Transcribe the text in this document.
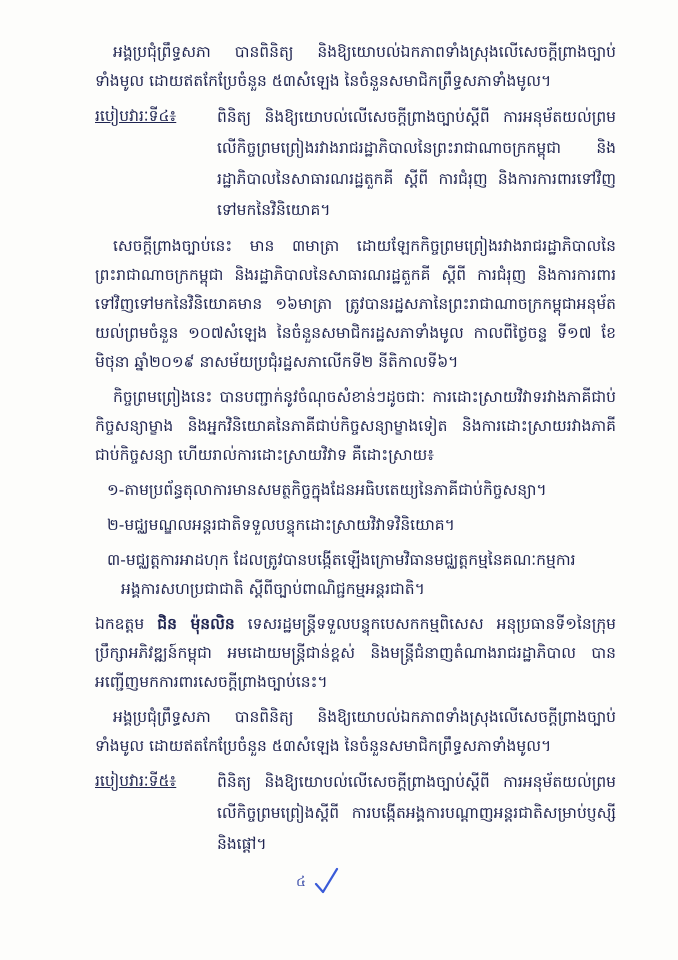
អង្គប្រជុំព្រឹទ្ធសភា បានពិនិត្យ និងឱ្យយោបល់ឯកភាពទាំងស្រុងលើសេចក្តីព្រាងច្បាប់ទាំងមូល ដោយឥតកែប្រែចំនួន ៥៣សំឡេង នៃចំនួនសមាជិកព្រឹទ្ធសភាទាំងមូល។

របៀបវារៈទី៤៖	ពិនិត្យ និងឱ្យយោបល់លើសេចក្តីព្រាងច្បាប់ស្តីពី ការអនុម័តយល់ព្រមលើកិច្ចព្រមព្រៀងរវាងរាជរដ្ឋាភិបាលនៃព្រះរាជាណាចក្រកម្ពុជា និងរដ្ឋាភិបាលនៃសាធារណរដ្ឋតួកគី ស្តីពី ការជំរុញ និងការការពារទៅវិញទៅមកនៃវិនិយោគ។

សេចក្តីព្រាងច្បាប់នេះ មាន ៣មាត្រា ដោយឡែកកិច្ចព្រមព្រៀងរវាងរាជរដ្ឋាភិបាលនៃព្រះរាជាណាចក្រកម្ពុជា និងរដ្ឋាភិបាលនៃសាធារណរដ្ឋតួកគី ស្តីពី ការជំរុញ និងការការពារទៅវិញទៅមកនៃវិនិយោគមាន ១៦មាត្រា ត្រូវបានរដ្ឋសភានៃព្រះរាជាណាចក្រកម្ពុជាអនុម័តយល់ព្រមចំនួន ១០៧សំឡេង នៃចំនួនសមាជិករដ្ឋសភាទាំងមូល កាលពីថ្ងៃចន្ទ ទី១៧ ខែមិថុនា ឆ្នាំ២០១៩ នាសម័យប្រជុំរដ្ឋសភាលើកទី២ នីតិកាលទី៦។

កិច្ចព្រមព្រៀងនេះ បានបញ្ជាក់នូវចំណុចសំខាន់ៗដូចជាៈ ការដោះស្រាយវិវាទរវាងភាគីជាប់កិច្ចសន្យាម្ខាង និងអ្នកវិនិយោគនៃភាគីជាប់កិច្ចសន្យាម្ខាងទៀត និងការដោះស្រាយរវាងភាគីជាប់កិច្ចសន្យា ហើយរាល់ការដោះស្រាយវិវាទ គឺដោះស្រាយ៖

១-តាមប្រព័ន្ធតុលាការមានសមត្ថកិច្ចក្នុងដែនអធិបតេយ្យនៃភាគីជាប់កិច្ចសន្យា។
២-មជ្ឈមណ្ឌលអន្តរជាតិទទួលបន្ទុកដោះស្រាយវិវាទវិនិយោគ។
៣-មជ្ឈត្តការអាដហុក ដែលត្រូវបានបង្កើតឡើងក្រោមវិធានមជ្ឈត្តកម្មនៃគណៈកម្មការ
អង្គការសហប្រជាជាតិ ស្តីពីច្បាប់ពាណិជ្ជកម្មអន្តរជាតិ។

ឯកឧត្តម ជិន ម៉ុនលិន ទេសរដ្ឋមន្ត្រីទទួលបន្ទុកបេសកកម្មពិសេស អនុប្រធានទី១នៃក្រុមប្រឹក្សាអភិវឌ្ឍន៍កម្ពុជា អមដោយមន្ត្រីជាន់ខ្ពស់ និងមន្ត្រីជំនាញតំណាងរាជរដ្ឋាភិបាល បានអញ្ជើញមកការពារសេចក្តីព្រាងច្បាប់នេះ។

អង្គប្រជុំព្រឹទ្ធសភា បានពិនិត្យ និងឱ្យយោបល់ឯកភាពទាំងស្រុងលើសេចក្តីព្រាងច្បាប់ទាំងមូល ដោយឥតកែប្រែចំនួន ៥៣សំឡេង នៃចំនួនសមាជិកព្រឹទ្ធសភាទាំងមូល។

របៀបវារៈទី៥៖	ពិនិត្យ និងឱ្យយោបល់លើសេចក្តីព្រាងច្បាប់ស្តីពី ការអនុម័តយល់ព្រមលើកិច្ចព្រមព្រៀងស្តីពី ការបង្កើតអង្គការបណ្តាញអន្តរជាតិសម្រាប់ប្ញស្សី និងផ្តៅ។
៤
